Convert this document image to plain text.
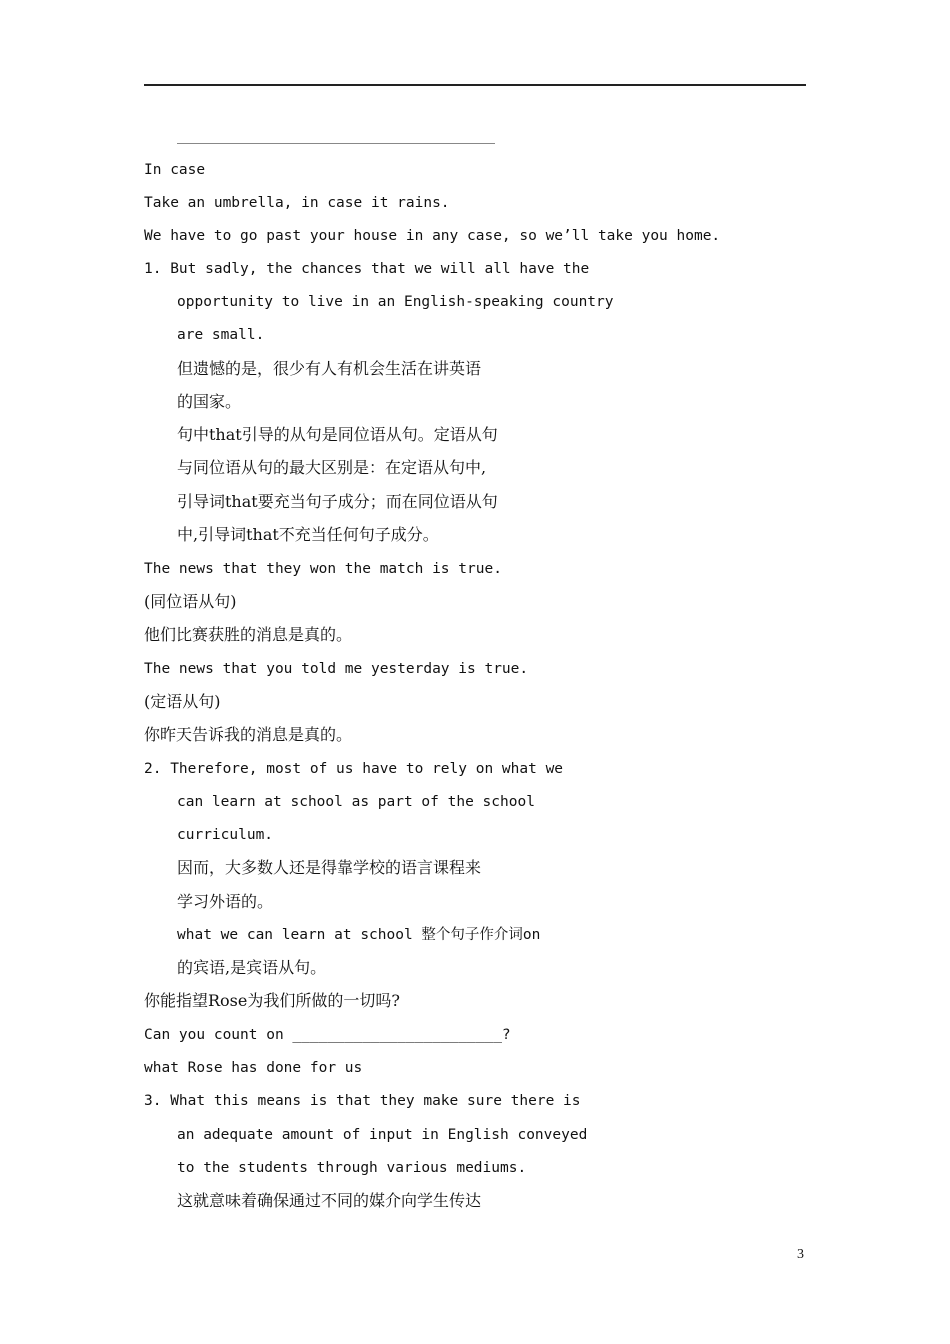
In case
Take an umbrella, in case it rains.
We have to go past your house in any case, so we’ll take you home.
1. But sadly, the chances that we will all have the
opportunity to live in an English-speaking country
are small.
但遗憾的是，很少有人有机会生活在讲英语
的国家。
句中that引导的从句是同位语从句。定语从句
与同位语从句的最大区别是：在定语从句中,
引导词that要充当句子成分；而在同位语从句
中,引导词that不充当任何句子成分。
The news that they won the match is true.
(同位语从句)
他们比赛获胜的消息是真的。
The news that you told me yesterday is true.
(定语从句)
你昨天告诉我的消息是真的。
2. Therefore, most of us have to rely on what we
can learn at school as part of the school
curriculum.
因而，大多数人还是得靠学校的语言课程来
学习外语的。
what we can learn at school 整个句子作介词on
的宾语,是宾语从句。
你能指望Rose为我们所做的一切吗?
Can you count on ________________________?
what Rose has done for us
3. What this means is that they make sure there is
an adequate amount of input in English conveyed
to the students through various mediums.
这就意味着确保通过不同的媒介向学生传达
3
